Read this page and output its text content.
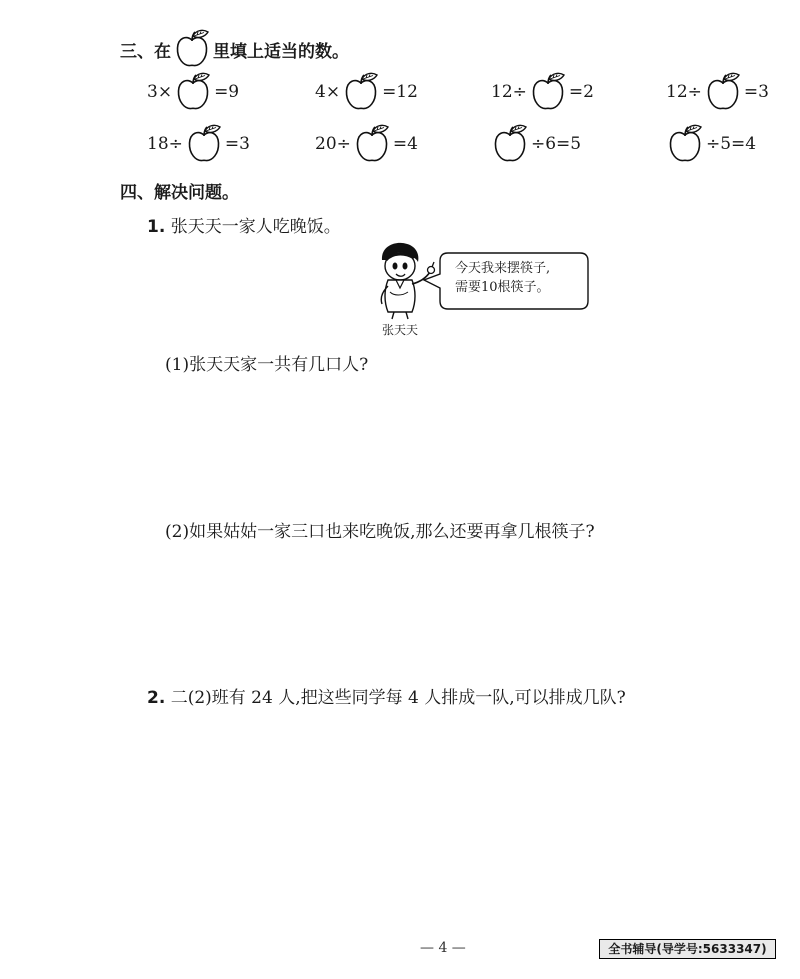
三、在 里填上适当的数。
3× =9	4× =12	12÷ =2	12÷ =3
18÷ =3	20÷ =4	÷6=5	÷5=4
四、解决问题。
1. 张天天一家人吃晚饭。
张天天
今天我来摆筷子,
需要10根筷子。
(1)张天天家一共有几口人?
(2)如果姑姑一家三口也来吃晚饭,那么还要再拿几根筷子?
2. 二(2)班有 24 人,把这些同学每 4 人排成一队,可以排成几队?
— 4 —	全书辅导(导学号:5633347)
